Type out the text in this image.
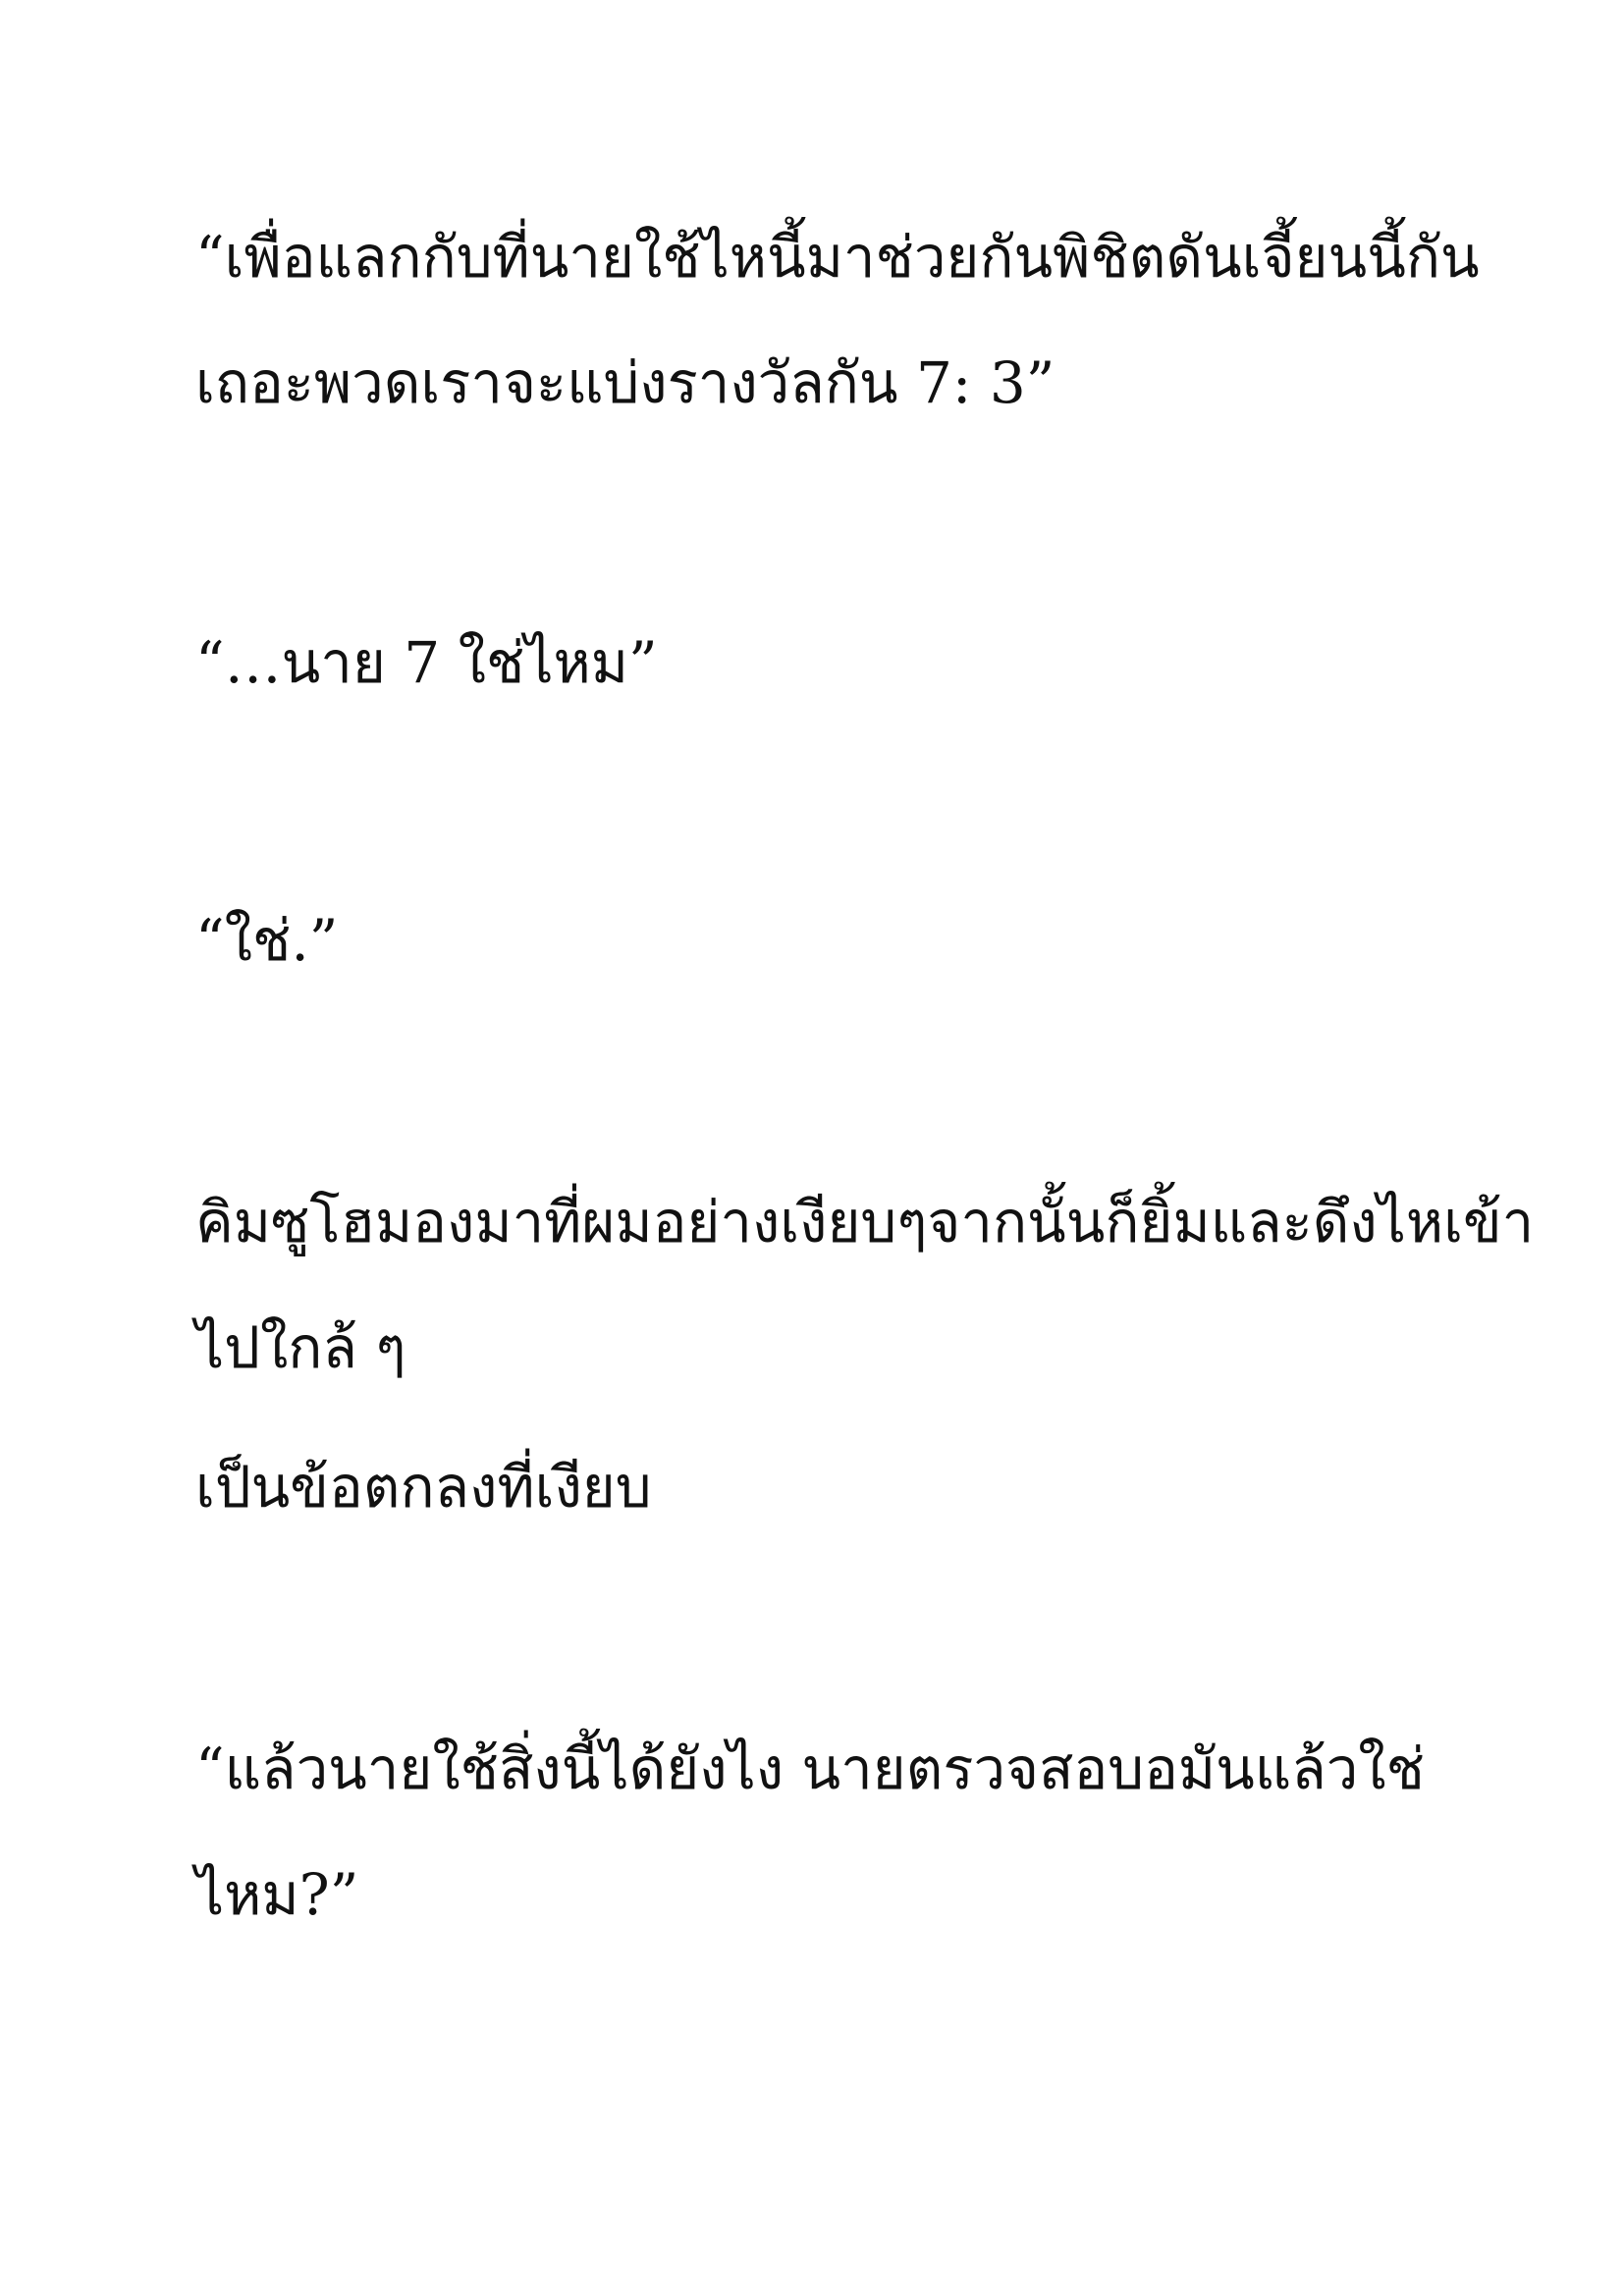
“เพื่อแลกกับที่นายใช้ไหนี้มาช่วยกันพิชิตดันเจี้ยนนี้กัน

เถอะพวดเราจะแบ่งรางวัลกัน 7: 3”

“…นาย 7 ใช่ไหม”

“ใช่.”

คิมซูโฮมองมาที่ผมอย่างเงียบๆจากนั้นก็ยิ้มและดึงไหเข้า

ไปใกล้ ๆ

เป็นข้อตกลงที่เงียบ

“แล้วนายใช้สิ่งนี้ได้ยังไง นายตรวจสอบอมันแล้วใช่

ไหม?”
